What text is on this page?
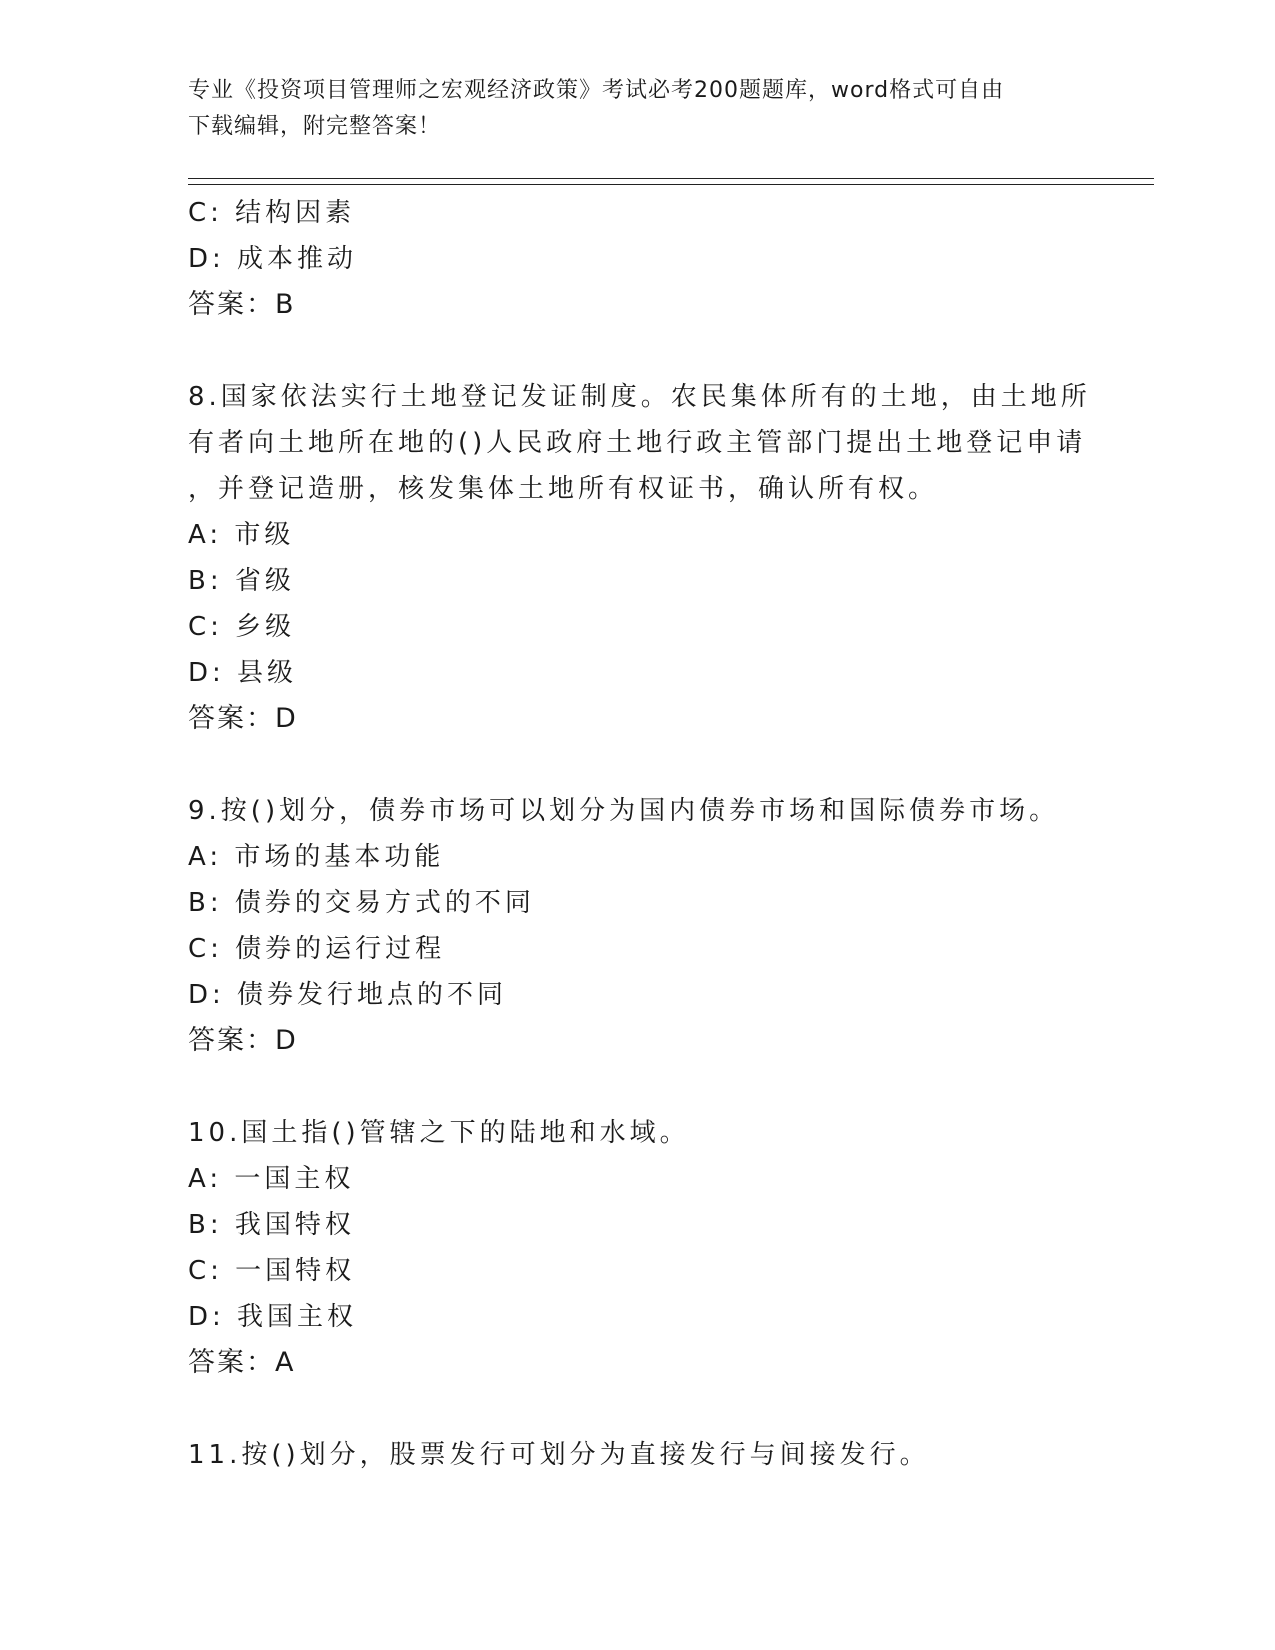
专业《投资项目管理师之宏观经济政策》考试必考200题题库，word格式可自由
下载编辑，附完整答案！
C: 结构因素
D: 成本推动
答案：B
8.国家依法实行土地登记发证制度。农民集体所有的土地，由土地所
有者向土地所在地的()人民政府土地行政主管部门提出土地登记申请
，并登记造册，核发集体土地所有权证书，确认所有权。
A: 市级
B: 省级
C: 乡级
D: 县级
答案：D
9.按()划分，债券市场可以划分为国内债券市场和国际债券市场。
A: 市场的基本功能
B: 债券的交易方式的不同
C: 债券的运行过程
D: 债券发行地点的不同
答案：D
10.国土指()管辖之下的陆地和水域。
A: 一国主权
B: 我国特权
C: 一国特权
D: 我国主权
答案：A
11.按()划分，股票发行可划分为直接发行与间接发行。
